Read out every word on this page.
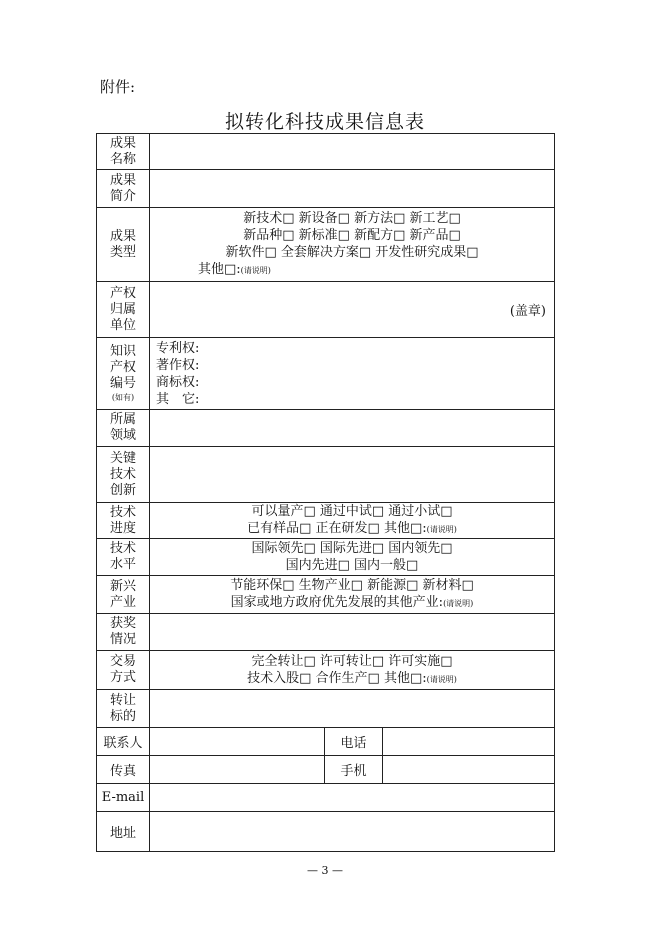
附件:
拟转化科技成果信息表
成果
名称			

成果
简介			

成果
类型	新技术□ 新设备□ 新方法□ 新工艺□
新品种□ 新标准□ 新配方□ 新产品□
新软件□ 全套解决方案□ 开发性研究成果□
其他□:(请说明)		

产权
归属
单位	(盖章)		

知识
产权
编号
(如有)	专利权:
著作权:
商标权:
其　它:		

所属
领域			

关键
技术
创新			

技术
进度	可以量产□ 通过中试□ 通过小试□
已有样品□ 正在研发□ 其他□:(请说明)		

技术
水平	国际领先□ 国际先进□ 国内领先□
国内先进□ 国内一般□		

新兴
产业	节能环保□ 生物产业□ 新能源□ 新材料□
国家或地方政府优先发展的其他产业:(请说明)		

获奖
情况			

交易
方式	完全转让□ 许可转让□ 许可实施□
技术入股□ 合作生产□ 其他□:(请说明)		

转让
标的			

联系人		电话	
传真		手机	
E-mail			
地址			
— 3 —
